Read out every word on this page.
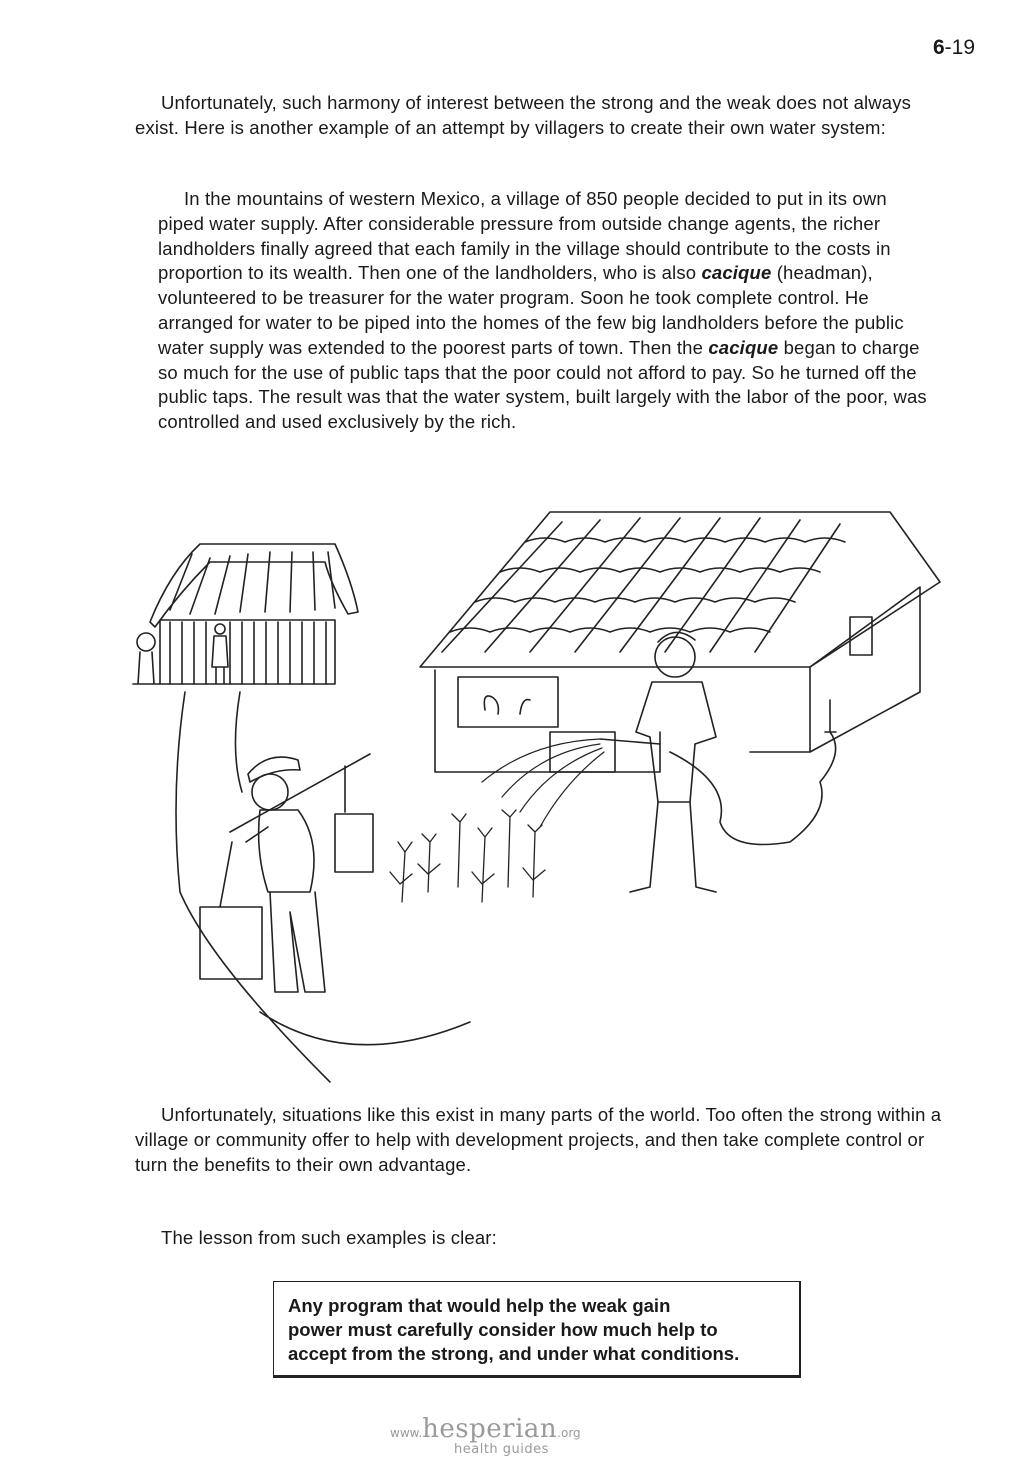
6-19

Unfortunately, such harmony of interest between the strong and the weak does not always exist. Here is another example of an attempt by villagers to create their own water system:

In the mountains of western Mexico, a village of 850 people decided to put in its own piped water supply. After considerable pressure from outside change agents, the richer landholders finally agreed that each family in the village should contribute to the costs in proportion to its wealth. Then one of the landholders, who is also cacique (headman), volunteered to be treasurer for the water program. Soon he took complete control. He arranged for water to be piped into the homes of the few big landholders before the public water supply was extended to the poorest parts of town. Then the cacique began to charge so much for the use of public taps that the poor could not afford to pay. So he turned off the public taps. The result was that the water system, built largely with the labor of the poor, was controlled and used exclusively by the rich.

Unfortunately, situations like this exist in many parts of the world. Too often the strong within a village or community offer to help with development projects, and then take complete control or turn the benefits to their own advantage.

The lesson from such examples is clear:

Any program that would help the weak gain

power must carefully consider how much help to

accept from the strong, and under what conditions.

www.hesperian.org
health guides
